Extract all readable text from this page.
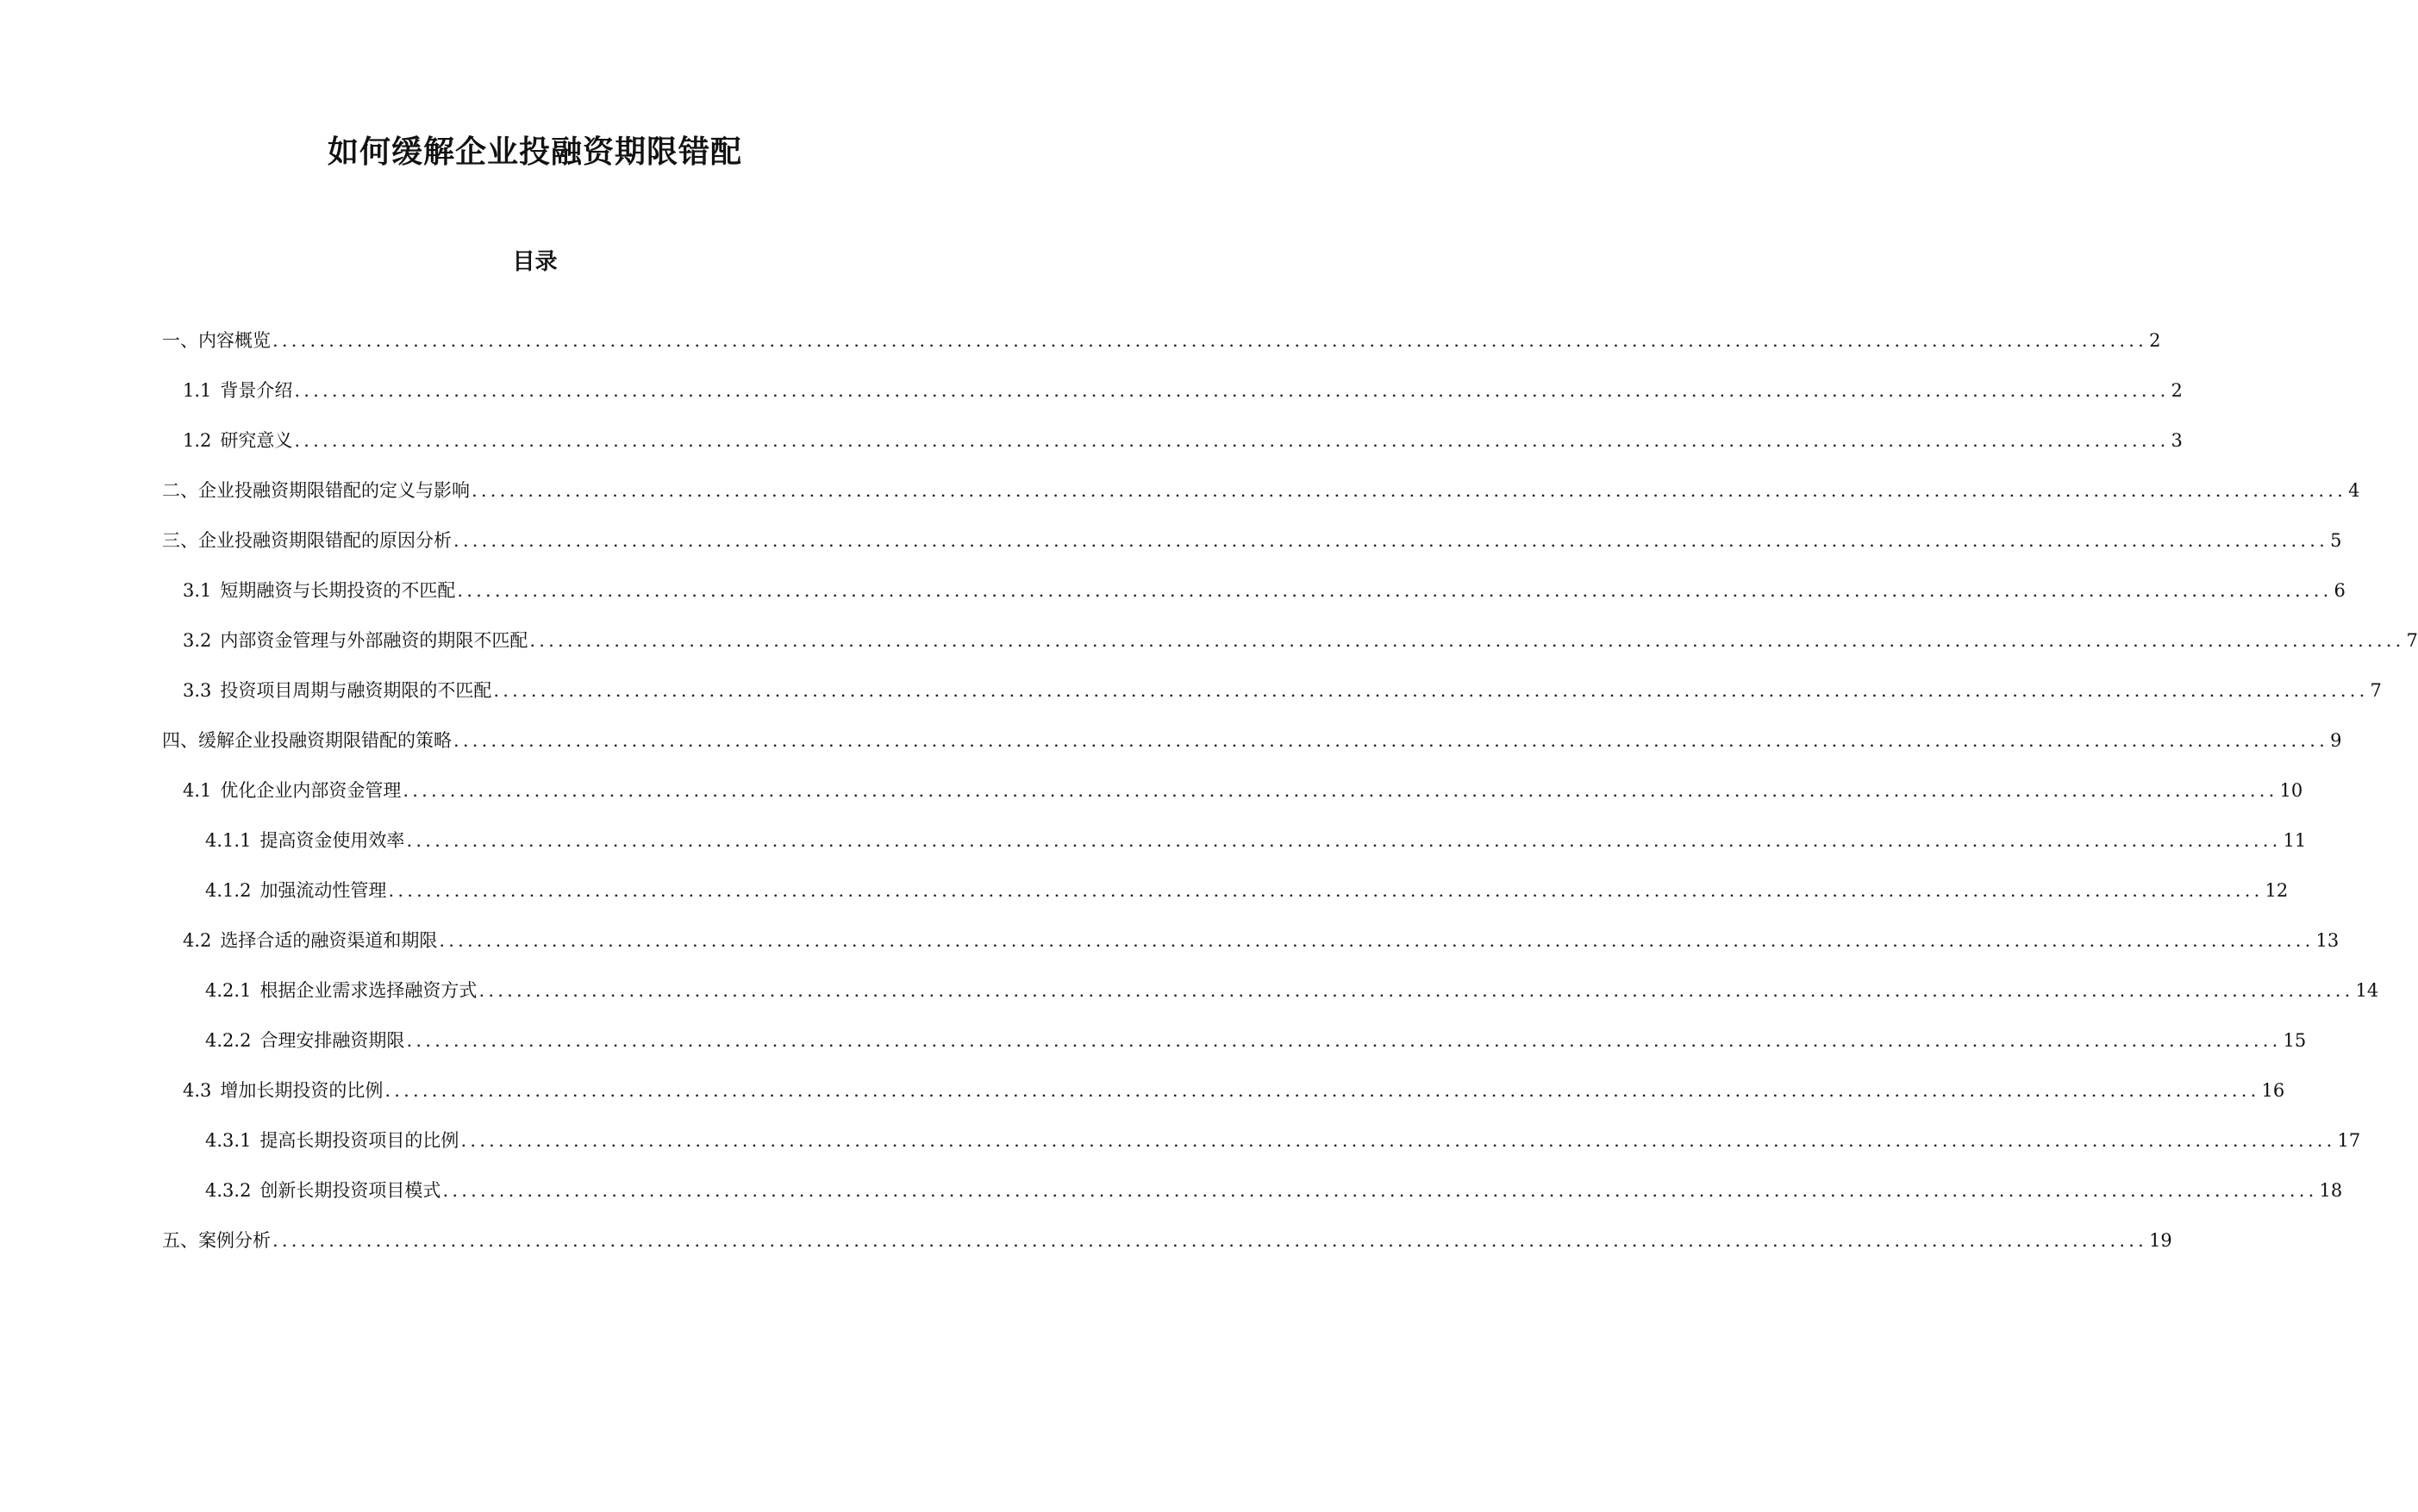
如何缓解企业投融资期限错配
目录
一、内容概览 ........................................................................................................................................................................................................ 2
1.1 背景介绍 ........................................................................................................................................................................................................ 2
1.2 研究意义 ........................................................................................................................................................................................................ 3
二、企业投融资期限错配的定义与影响 ........................................................................................................................................................................................................ 4
三、企业投融资期限错配的原因分析 ........................................................................................................................................................................................................ 5
3.1 短期融资与长期投资的不匹配 ........................................................................................................................................................................................................ 6
3.2 内部资金管理与外部融资的期限不匹配 ........................................................................................................................................................................................................ 7
3.3 投资项目周期与融资期限的不匹配 ........................................................................................................................................................................................................ 7
四、缓解企业投融资期限错配的策略 ........................................................................................................................................................................................................ 9
4.1 优化企业内部资金管理 ........................................................................................................................................................................................................ 10
4.1.1 提高资金使用效率 ........................................................................................................................................................................................................ 11
4.1.2 加强流动性管理 ........................................................................................................................................................................................................ 12
4.2 选择合适的融资渠道和期限 ........................................................................................................................................................................................................ 13
4.2.1 根据企业需求选择融资方式 ........................................................................................................................................................................................................ 14
4.2.2 合理安排融资期限 ........................................................................................................................................................................................................ 15
4.3 增加长期投资的比例 ........................................................................................................................................................................................................ 16
4.3.1 提高长期投资项目的比例 ........................................................................................................................................................................................................ 17
4.3.2 创新长期投资项目模式 ........................................................................................................................................................................................................ 18
五、案例分析 ........................................................................................................................................................................................................ 19
